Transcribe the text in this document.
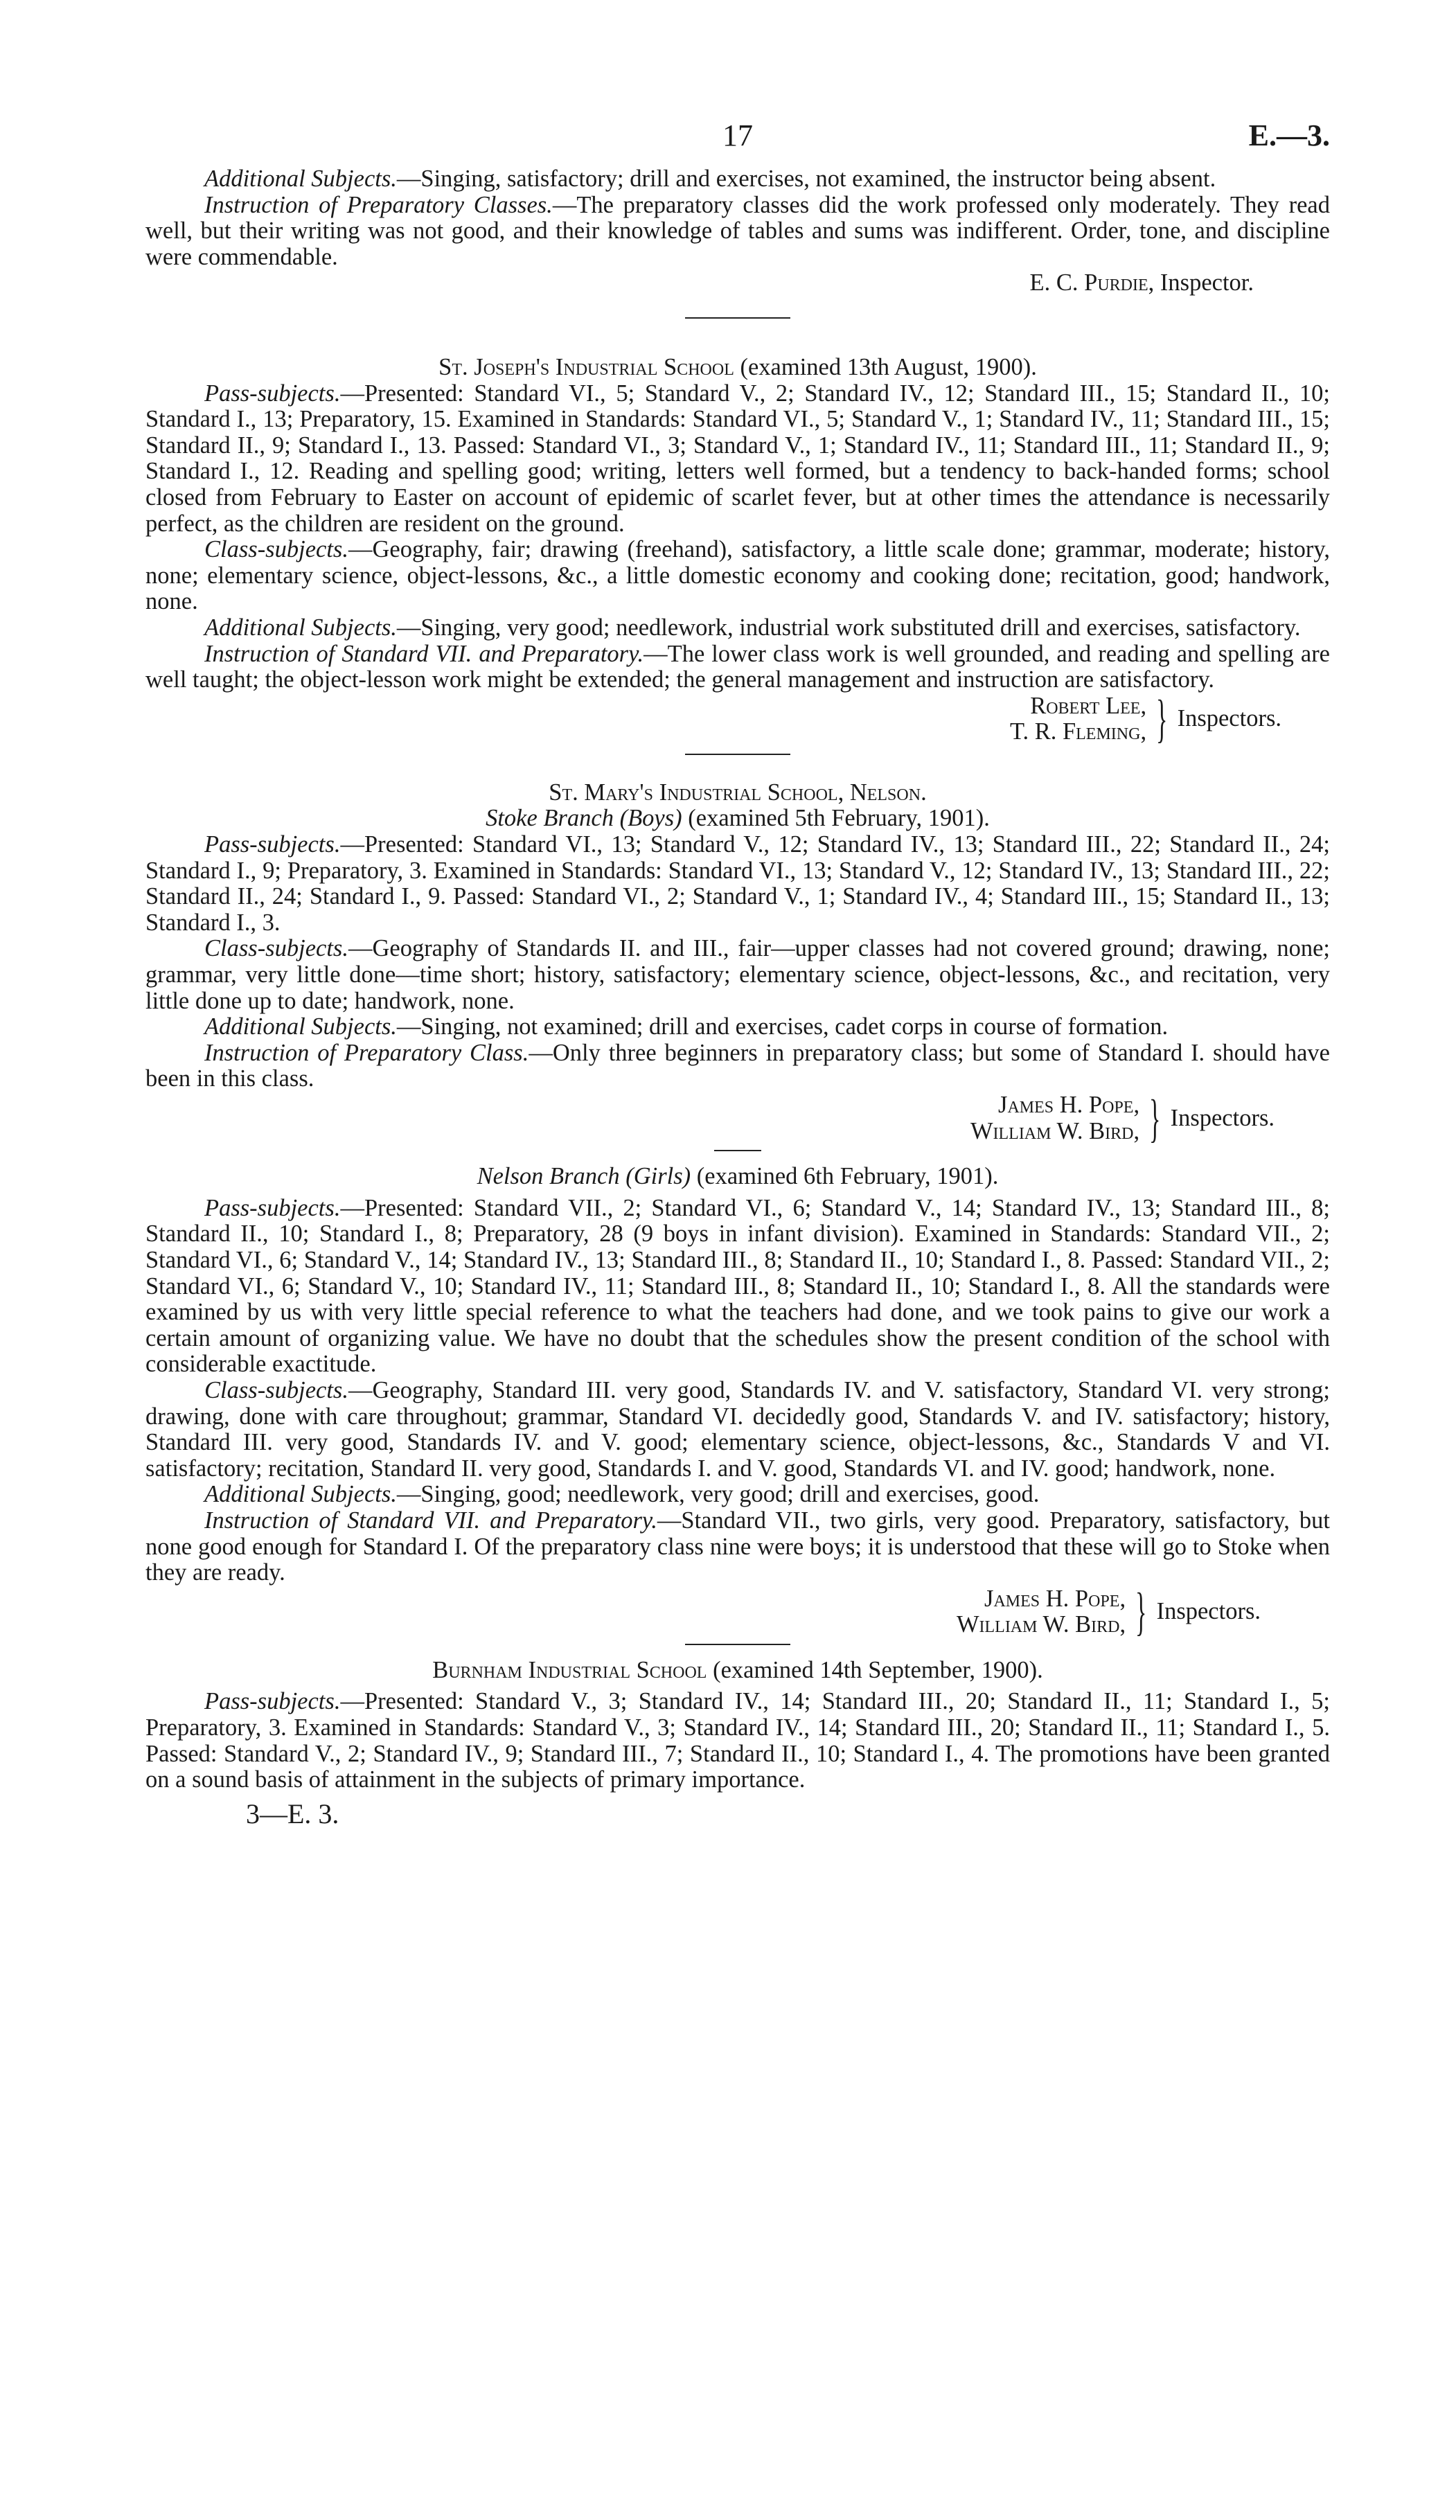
17	E.—3.

Additional Subjects.—Singing, satisfactory; drill and exercises, not examined, the instructor being absent.

Instruction of Preparatory Classes.—The preparatory classes did the work professed only moderately. They read well, but their writing was not good, and their knowledge of tables and sums was indifferent. Order, tone, and discipline were commendable.

E. C. Purdie, Inspector.
St. Joseph's Industrial School (examined 13th August, 1900).

Pass-subjects.—Presented: Standard VI., 5; Standard V., 2; Standard IV., 12; Standard III., 15; Standard II., 10; Standard I., 13; Preparatory, 15. Examined in Standards: Standard VI., 5; Standard V., 1; Standard IV., 11; Standard III., 15; Standard II., 9; Standard I., 13. Passed: Standard VI., 3; Standard V., 1; Standard IV., 11; Standard III., 11; Standard II., 9; Standard I., 12. Reading and spelling good; writing, letters well formed, but a tendency to back-handed forms; school closed from February to Easter on account of epidemic of scarlet fever, but at other times the attendance is necessarily perfect, as the children are resident on the ground.

Class-subjects.—Geography, fair; drawing (freehand), satisfactory, a little scale done; grammar, moderate; history, none; elementary science, object-lessons, &c., a little domestic economy and cooking done; recitation, good; handwork, none.

Additional Subjects.—Singing, very good; needlework, industrial work substituted drill and exercises, satisfactory.

Instruction of Standard VII. and Preparatory.—The lower class work is well grounded, and reading and spelling are well taught; the object-lesson work might be extended; the general management and instruction are satisfactory.

Robert Lee,
T. R. Fleming, } Inspectors.
St. Mary's Industrial School, Nelson.
Stoke Branch (Boys) (examined 5th February, 1901).

Pass-subjects.—Presented: Standard VI., 13; Standard V., 12; Standard IV., 13; Standard III., 22; Standard II., 24; Standard I., 9; Preparatory, 3. Examined in Standards: Standard VI., 13; Standard V., 12; Standard IV., 13; Standard III., 22; Standard II., 24; Standard I., 9. Passed: Standard VI., 2; Standard V., 1; Standard IV., 4; Standard III., 15; Standard II., 13; Standard I., 3.

Class-subjects.—Geography of Standards II. and III., fair—upper classes had not covered ground; drawing, none; grammar, very little done—time short; history, satisfactory; elementary science, object-lessons, &c., and recitation, very little done up to date; handwork, none.

Additional Subjects.—Singing, not examined; drill and exercises, cadet corps in course of formation.

Instruction of Preparatory Class.—Only three beginners in preparatory class; but some of Standard I. should have been in this class.

James H. Pope,
William W. Bird, } Inspectors.
Nelson Branch (Girls) (examined 6th February, 1901).

Pass-subjects.—Presented: Standard VII., 2; Standard VI., 6; Standard V., 14; Standard IV., 13; Standard III., 8; Standard II., 10; Standard I., 8; Preparatory, 28 (9 boys in infant division). Examined in Standards: Standard VII., 2; Standard VI., 6; Standard V., 14; Standard IV., 13; Standard III., 8; Standard II., 10; Standard I., 8. Passed: Standard VII., 2; Standard VI., 6; Standard V., 10; Standard IV., 11; Standard III., 8; Standard II., 10; Standard I., 8. All the standards were examined by us with very little special reference to what the teachers had done, and we took pains to give our work a certain amount of organizing value. We have no doubt that the schedules show the present condition of the school with considerable exactitude.

Class-subjects.—Geography, Standard III. very good, Standards IV. and V. satisfactory, Standard VI. very strong; drawing, done with care throughout; grammar, Standard VI. decidedly good, Standards V. and IV. satisfactory; history, Standard III. very good, Standards IV. and V. good; elementary science, object-lessons, &c., Standards V and VI. satisfactory; recitation, Standard II. very good, Standards I. and V. good, Standards VI. and IV. good; handwork, none.

Additional Subjects.—Singing, good; needlework, very good; drill and exercises, good.

Instruction of Standard VII. and Preparatory.—Standard VII., two girls, very good. Preparatory, satisfactory, but none good enough for Standard I. Of the preparatory class nine were boys; it is understood that these will go to Stoke when they are ready.

James H. Pope,
William W. Bird, } Inspectors.
Burnham Industrial School (examined 14th September, 1900).

Pass-subjects.—Presented: Standard V., 3; Standard IV., 14; Standard III., 20; Standard II., 11; Standard I., 5; Preparatory, 3. Examined in Standards: Standard V., 3; Standard IV., 14; Standard III., 20; Standard II., 11; Standard I., 5. Passed: Standard V., 2; Standard IV., 9; Standard III., 7; Standard II., 10; Standard I., 4. The promotions have been granted on a sound basis of attainment in the subjects of primary importance.

3—E. 3.
